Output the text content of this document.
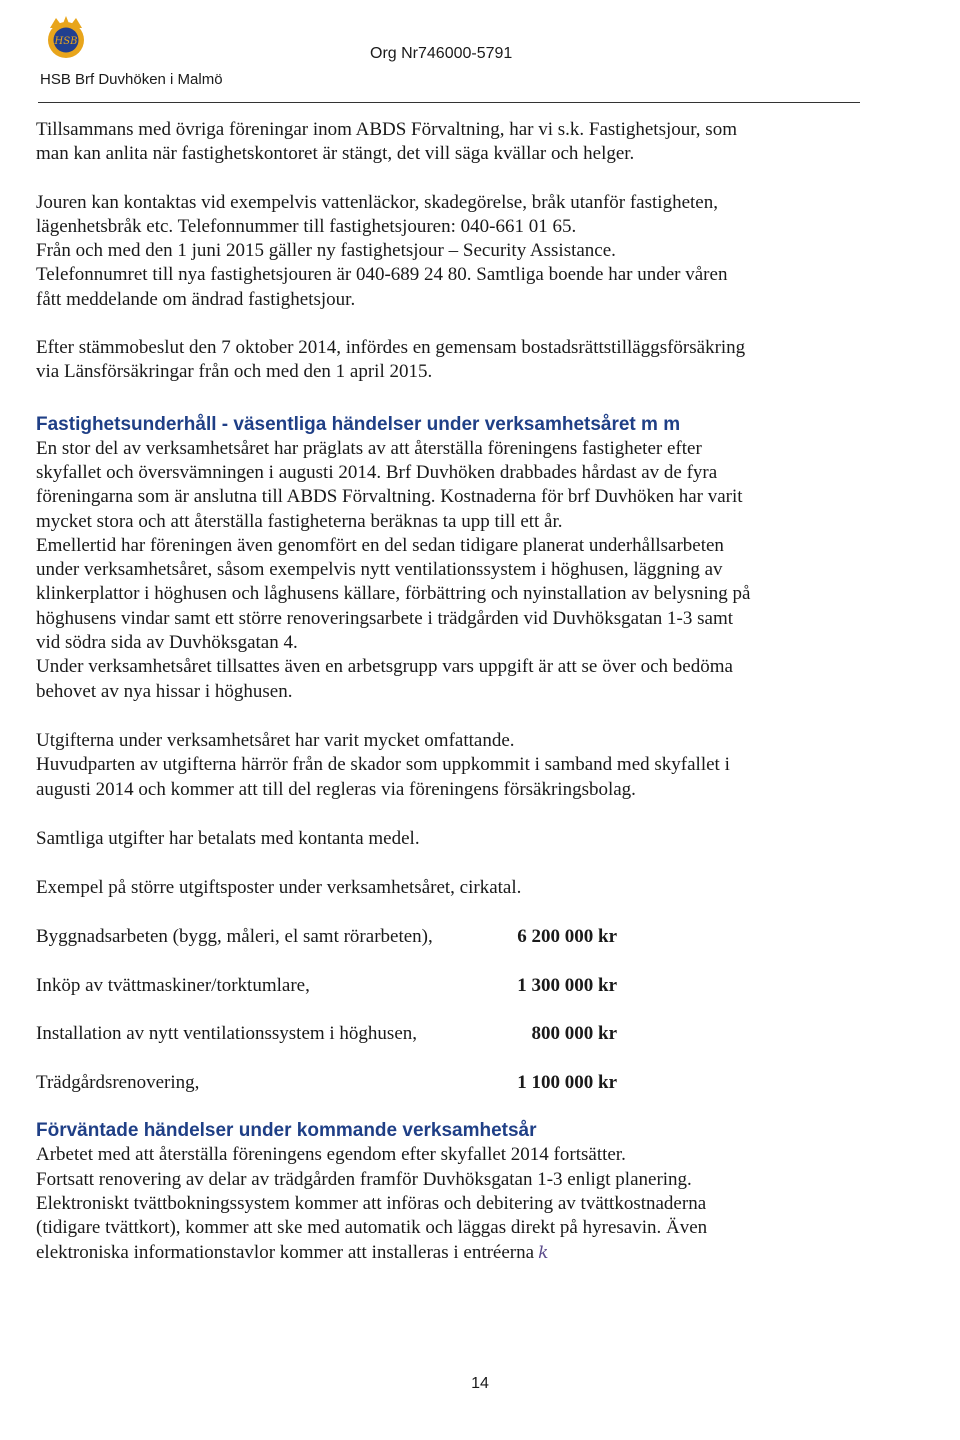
HSB
Org Nr746000-5791
HSB Brf Duvhöken i Malmö

Tillsammans med övriga föreningar inom ABDS Förvaltning, har vi s.k. Fastighetsjour, som
man kan anlita när fastighetskontoret är stängt, det vill säga kvällar och helger.

Jouren kan kontaktas vid exempelvis vattenläckor, skadegörelse, bråk utanför fastigheten,
lägenhetsbråk etc. Telefonnummer till fastighetsjouren: 040-661 01 65.
Från och med den 1 juni 2015 gäller ny fastighetsjour – Security Assistance.
Telefonnumret till nya fastighetsjouren är 040-689 24 80. Samtliga boende har under våren
fått meddelande om ändrad fastighetsjour.

Efter stämmobeslut den 7 oktober 2014, infördes en gemensam bostadsrättstilläggsförsäkring
via Länsförsäkringar från och med den 1 april 2015.

Fastighetsunderhåll - väsentliga händelser under verksamhetsåret m m

En stor del av verksamhetsåret har präglats av att återställa föreningens fastigheter efter
skyfallet och översvämningen i augusti 2014. Brf Duvhöken drabbades hårdast av de fyra
föreningarna som är anslutna till ABDS Förvaltning. Kostnaderna för brf Duvhöken har varit
mycket stora och att återställa fastigheterna beräknas ta upp till ett år.
Emellertid har föreningen även genomfört en del sedan tidigare planerat underhållsarbeten
under verksamhetsåret, såsom exempelvis nytt ventilationssystem i höghusen, läggning av
klinkerplattor i höghusen och låghusens källare, förbättring och nyinstallation av belysning på
höghusens vindar samt ett större renoveringsarbete i trädgården vid Duvhöksgatan 1-3 samt
vid södra sida av Duvhöksgatan 4.
Under verksamhetsåret tillsattes även en arbetsgrupp vars uppgift är att se över och bedöma
behovet av nya hissar i höghusen.

Utgifterna under verksamhetsåret har varit mycket omfattande.
Huvudparten av utgifterna härrör från de skador som uppkommit i samband med skyfallet i
augusti 2014 och kommer att till del regleras via föreningens försäkringsbolag.

Samtliga utgifter har betalats med kontanta medel.

Exempel på större utgiftsposter under verksamhetsåret, cirkatal.

Byggnadsarbeten (bygg, måleri, el samt rörarbeten),	6 200 000 kr
Inköp av tvättmaskiner/torktumlare,	1 300 000 kr
Installation av nytt ventilationssystem i höghusen,	800 000 kr
Trädgårdsrenovering,	1 100 000 kr
Förväntade händelser under kommande verksamhetsår

Arbetet med att återställa föreningens egendom efter skyfallet 2014 fortsätter.
Fortsatt renovering av delar av trädgården framför Duvhöksgatan 1-3 enligt planering.
Elektroniskt tvättbokningssystem kommer att införas och debitering av tvättkostnaderna
(tidigare tvättkort), kommer att ske med automatik och läggas direkt på hyresavin. Även
elektroniska informationstavlor kommer att installeras i entréerna k

14
